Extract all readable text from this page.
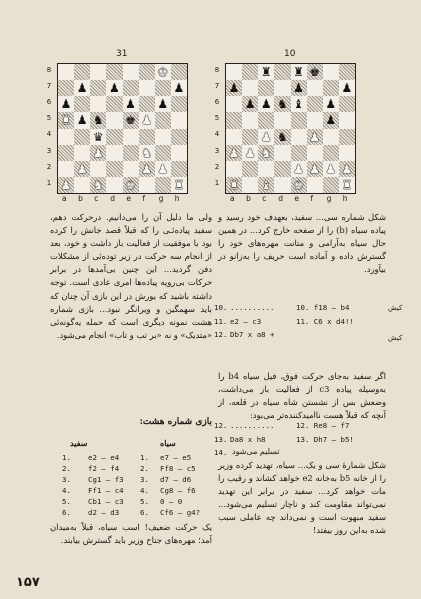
31	10
♚
♟ ♟	♟
♟	♟ ♟
♜ ♟ ♞ ♚ ♟
♛
♟	♞
♟	♟ ♟
♟ ♞ ♚	♜
♜ ♜ ♚
♟	♟	♟
♟ ♟ ♞ ♝ ♟
♟
♟ ♞ ♟
♟ ♟ ♞
♟ ♟ ♟ ♟
♜ ♝ ♚	♜
8
7
6
5
4
3
2
1
a b c d e f g h
8
7
6
5
4
3
2
1
a b c d e f g h

شکل شماره سی... سفید، بعهدف خود رسید و پیاده سیاه (b) را از صفحه خارج کرد... در همین حال سیاه به‌آرامی و متانت مهره‌های خود را گسترش داده و آماده است حریف را به‌زانو در بیآورد.

کیش
کیش
10. ..........	10. f18 — b4
11. e2 — c3	11. C6 x d4!!
12. Db7 x a8 +

اگر سفید به‌جای حرکت فوق، فیل سیاه b4 را به‌وسیله پیاده c3 از فعالیت باز می‌داشت، وضعش بس از نشستن شاه سیاه در قلعه، از آنچه که قبلاً هست ناامیدکننده‌تر می‌بود:

12. ..........	12. Re8 — f7
13. Da8 x h8	13. Dh7 — b5!
14. تسلیم می‌شود

شکل شمارهٔ سی و یک... سیاه، تهدید کرده وزیر را از خانه b5 به‌خانه e2 خواهد کشاند و رقیب را مات خواهد کرد... سفید در برابر این تهدید نمی‌تواند مقاومت کند و ناچار تسلیم می‌شود... سفید مبهوت است و نمی‌داند چه عاملی سبب شده به‌این روز بیفتد!

ولی ما دلیل آن را می‌دانیم. درحرکت دهم، سفید پیاده‌ئـی را که قبلاً قصد جانش را کرده بود با موفقیت از فعالیت باز داشت و خود، بعد از انجام سه حرکت در زیر توده‌ئی از مشکلات دفن گردید... این چنین بی‌آمدها در برابر حرکات بی‌رویه پیاده‌ها امری عادی است. توجه داشته باشید که یورش در این بازی آن چنان که باید سهمگین و ویرانگر نبود... بازی شماره هشت نمونه دیگری است که حمله یه‌گونه‌ئی «متدیک» و نه «بر تب و تاب» انجام می‌شود.

بازی شماره هشت:
سیاه
سفید
1. e2 — e4	1. e7 — e5
2. f2 — f4	2. Ff8 — c5
3. Cg1 — f3 3. d7 — d6
4. Ff1 — c4 4. Cg8 — f6
5. Cb1 — c3 5. 0 — 0
6. d2 — d3	6. Cf6 — g4?

یک حرکت ضعیف! اسب سیاه، قبلاً به‌میدان آمد؛ مهره‌های جناح وزیر باید گسترش بیابند.

۱۵۷
